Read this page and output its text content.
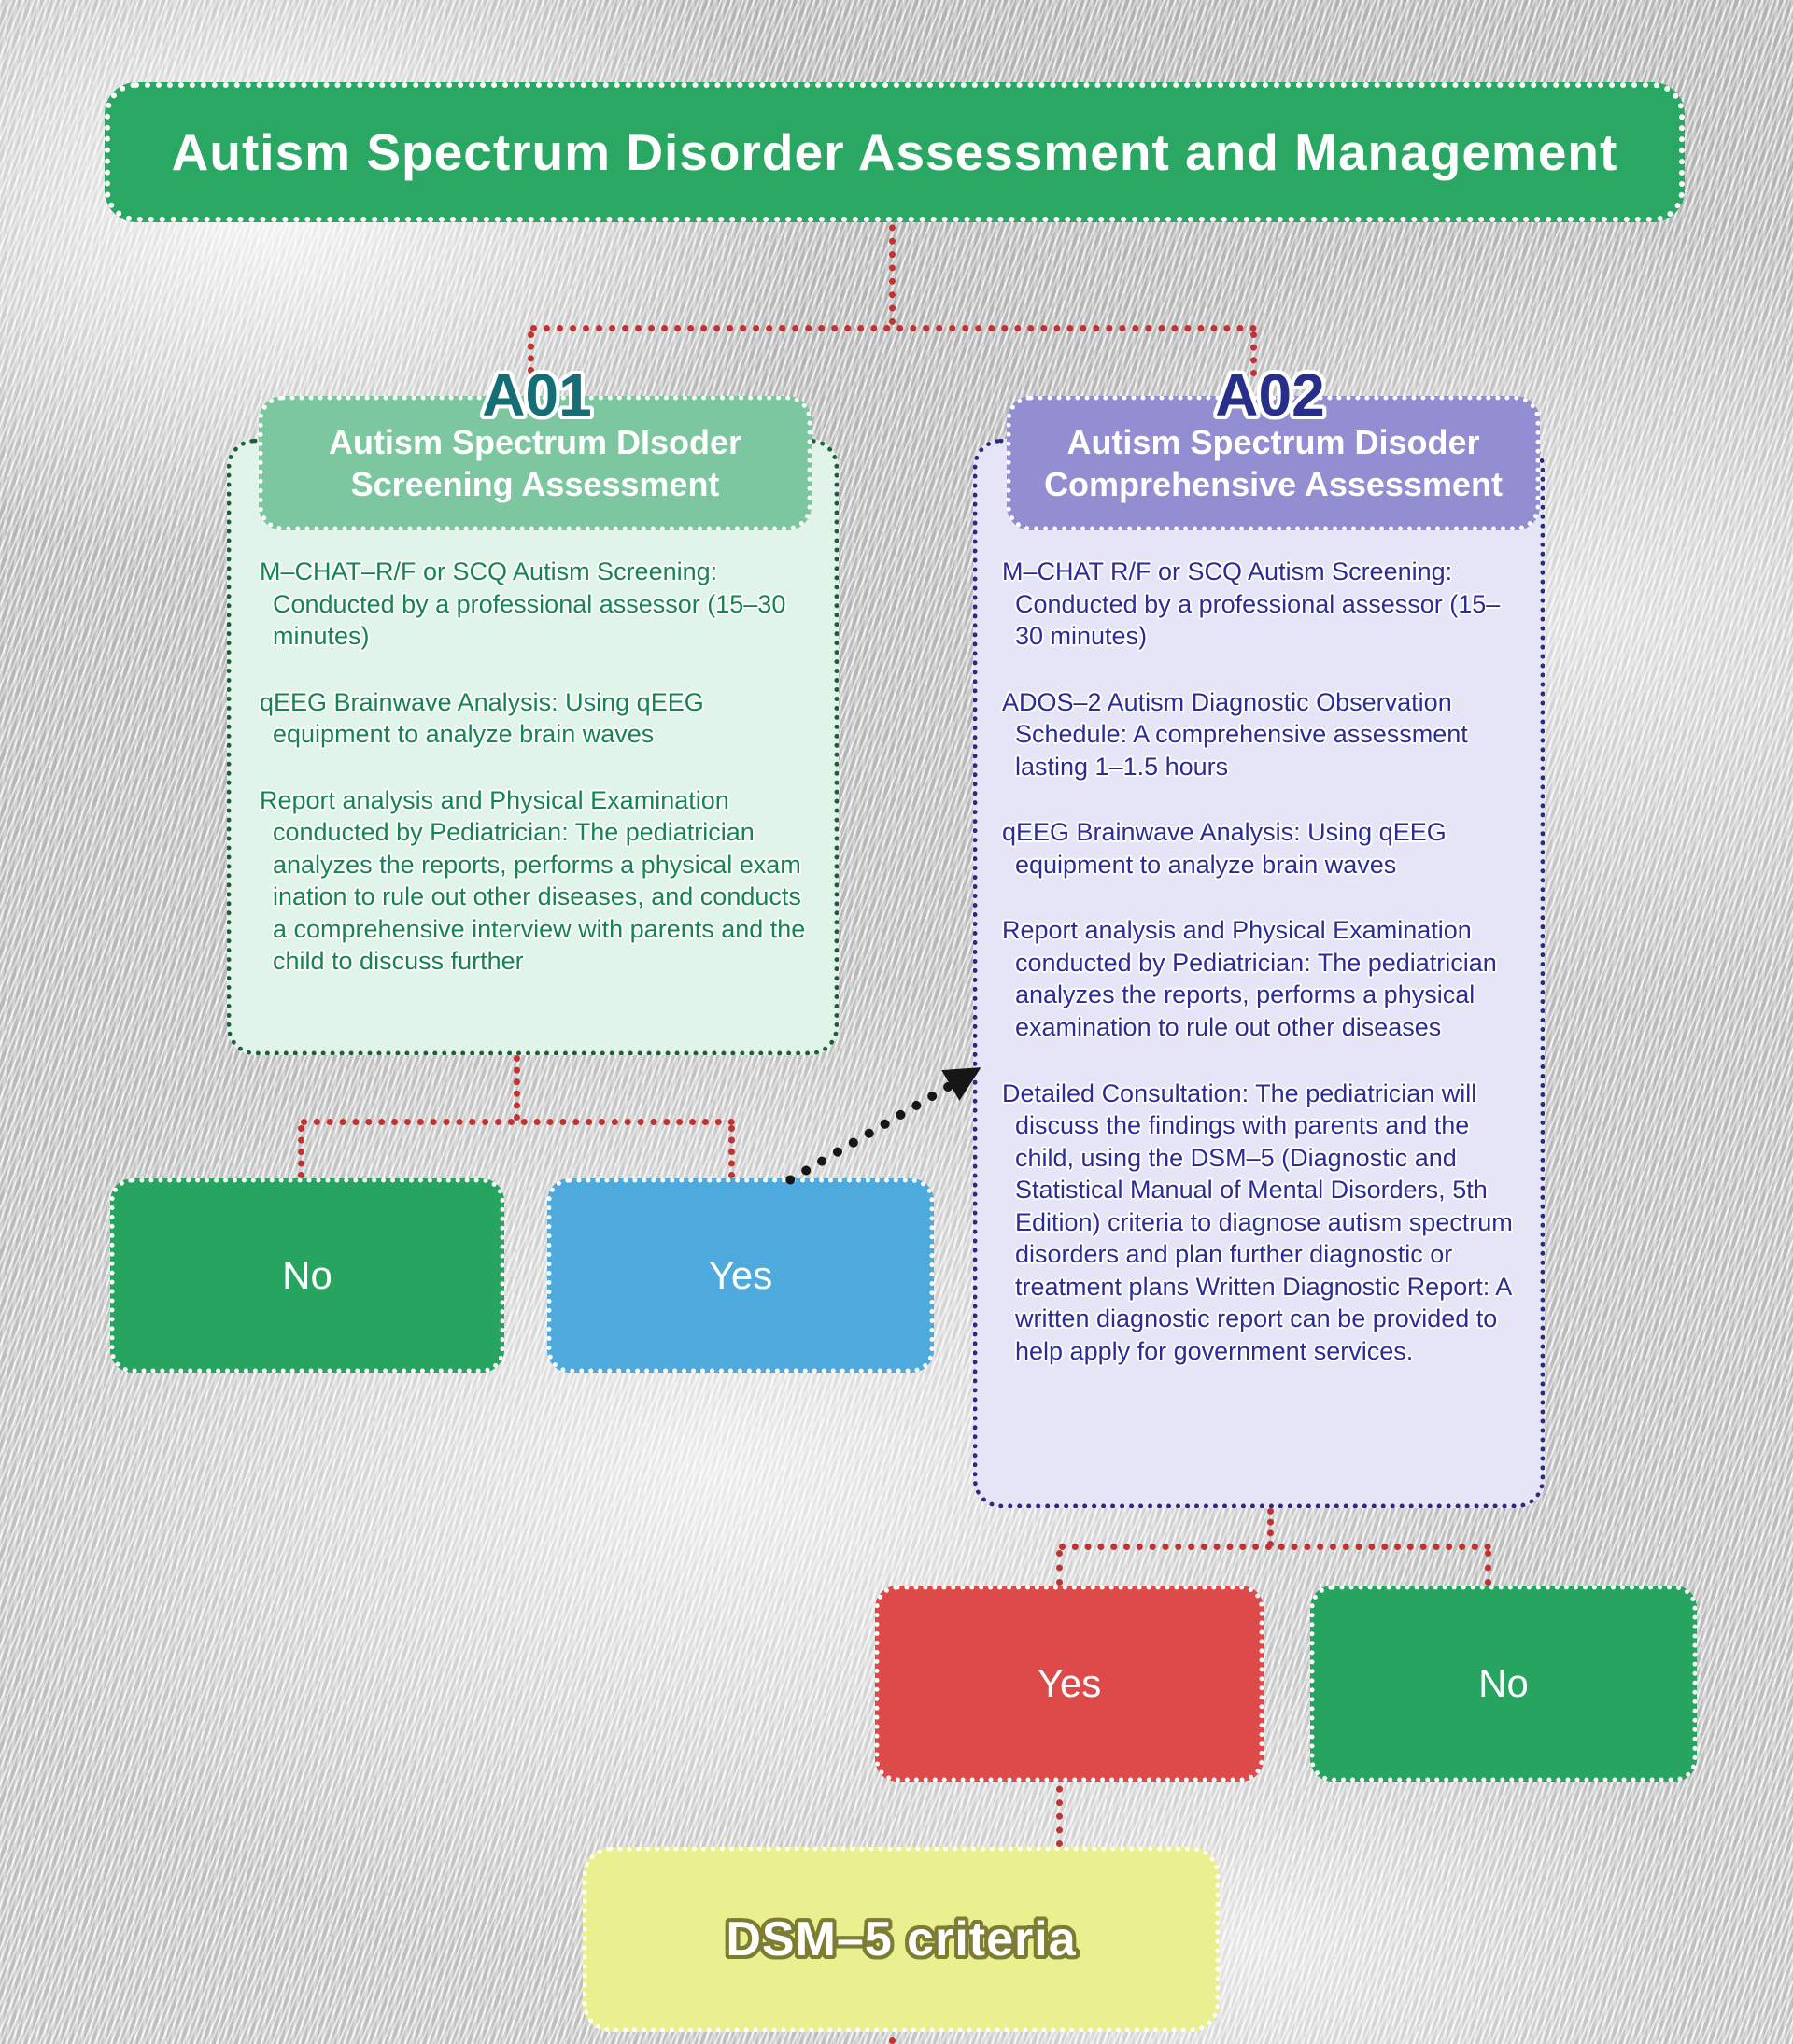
Autism Spectrum Disorder Assessment and Management
A01

M–CHAT–R/F or SCQ Autism Screening: Conducted by a professional assessor (15–30 minutes)

qEEG Brainwave Analysis: Using qEEG equipment to analyze brain waves

Report analysis and Physical Examination conducted by Pediatrician: The pediatrician analyzes the reports, performs a physical exam ination to rule out other diseases, and conducts a comprehensive interview with parents and the child to discuss further

Autism Spectrum DIsoder Screening Assessment
A02

M–CHAT R/F or SCQ Autism Screening: Conducted by a professional assessor (15–30 minutes)

ADOS–2 Autism Diagnostic Observation Schedule: A comprehensive assessment lasting 1–1.5 hours

qEEG Brainwave Analysis: Using qEEG equipment to analyze brain waves

Report analysis and Physical Examination conducted by Pediatrician: The pediatrician analyzes the reports, performs a physical examination to rule out other diseases

Detailed Consultation: The pediatrician will discuss the findings with parents and the child, using the DSM–5 (Diagnostic and Statistical Manual of Mental Disorders, 5th Edition) criteria to diagnose autism spectrum disorders and plan further diagnostic or treatment plans Written Diagnostic Report: A written diagnostic report can be provided to help apply for government services.

Autism Spectrum Disoder Comprehensive Assessment
No	Yes
Yes	No
DSM–5 criteria
